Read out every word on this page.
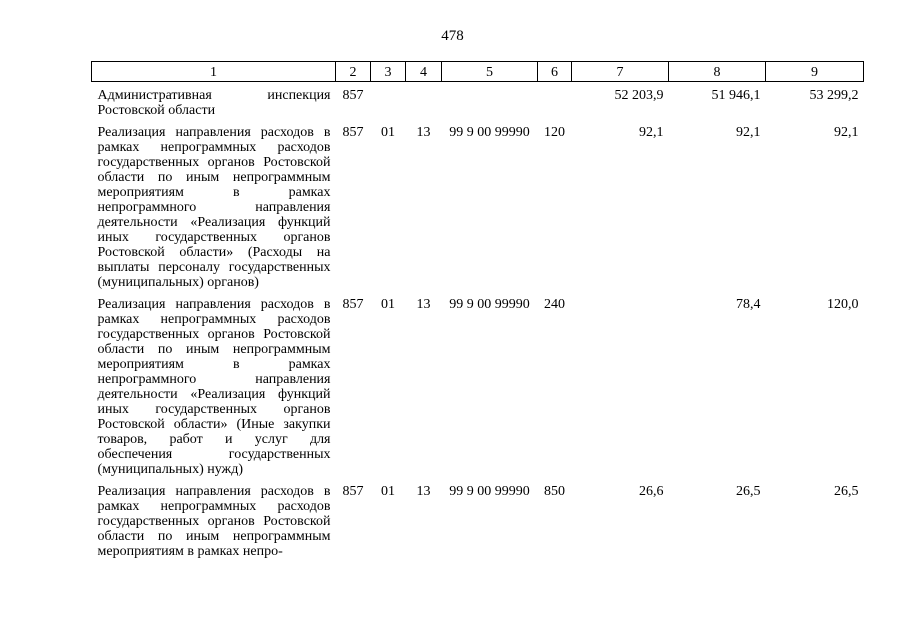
478
1	2	3	4	5	6	7	8	9
Административная инспекция Ростовской области	857					52 203,9	51 946,1	53 299,2
Реализация направления расходов в рамках непрограммных расходов государственных органов Ростовской области по иным непрограммным мероприятиям в рамках непрограммного направления деятельности «Реализация функций иных государственных органов Ростовской области» (Расходы на выплаты персоналу государственных (муниципальных) органов)	857	01	13	99 9 00 99990	120	92,1	92,1	92,1
Реализация направления расходов в рамках непрограммных расходов государственных органов Ростовской области по иным непрограммным мероприятиям в рамках непрограммного направления деятельности «Реализация функций иных государственных органов Ростовской области» (Иные закупки товаров, работ и услуг для обеспечения государственных (муниципальных) нужд)	857	01	13	99 9 00 99990	240		78,4	120,0
Реализация направления расходов в рамках непрограммных расходов государственных органов Ростовской области по иным непрограммным мероприятиям в рамках непро-	857	01	13	99 9 00 99990	850	26,6	26,5	26,5
